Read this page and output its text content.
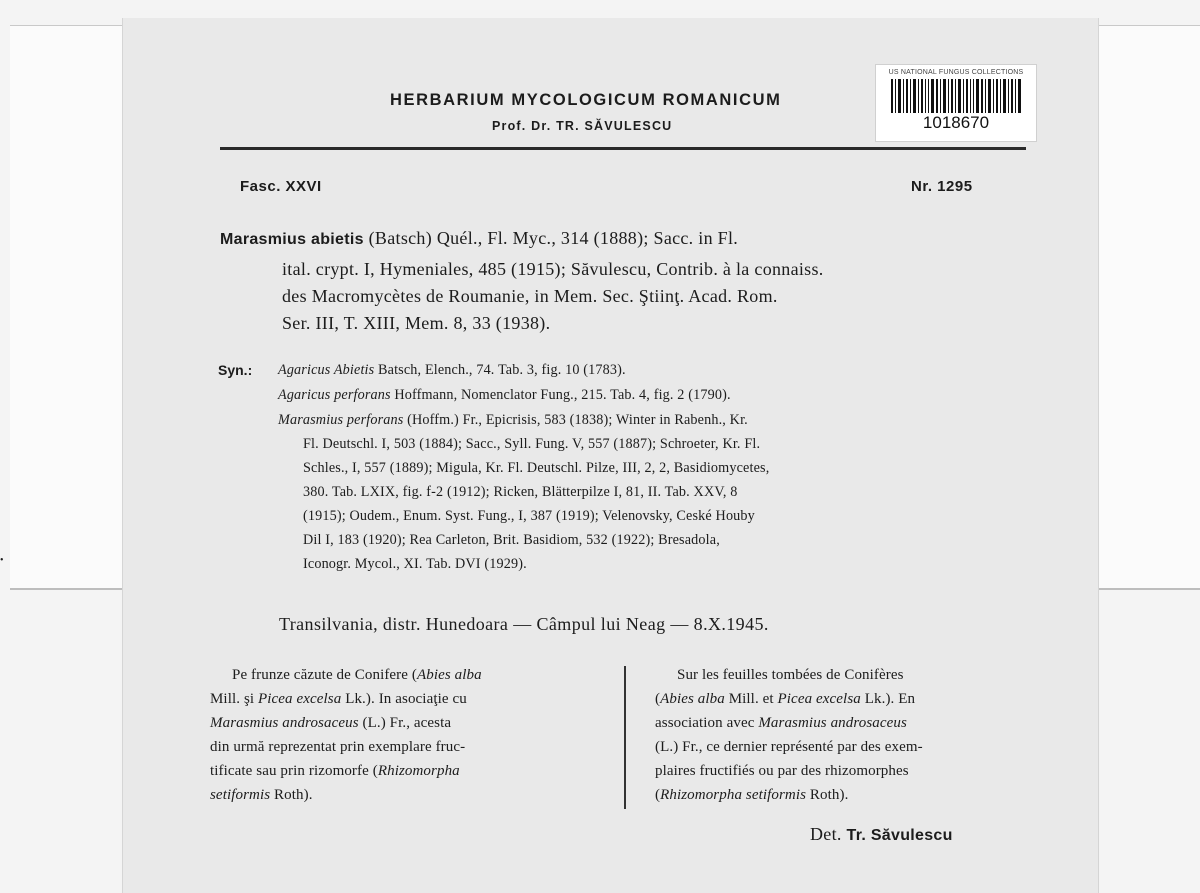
•
HERBARIUM MYCOLOGICUM ROMANICUM
Prof. Dr. TR. SĂVULESCU
Fasc. XXVI	Nr. 1295
US NATIONAL FUNGUS COLLECTIONS
1018670
Marasmius abietis (Batsch) Quél., Fl. Myc., 314 (1888); Sacc. in Fl.
ital. crypt. I, Hymeniales, 485 (1915); Săvulescu, Contrib. à la connaiss.
des Macromycètes de Roumanie, in Mem. Sec. Ştiinţ. Acad. Rom.
Ser. III, T. XIII, Mem. 8, 33 (1938).
Syn.: Agaricus Abietis Batsch, Elench., 74. Tab. 3, fig. 10 (1783).
Agaricus perforans Hoffmann, Nomenclator Fung., 215. Tab. 4, fig. 2 (1790).
Marasmius perforans (Hoffm.) Fr., Epicrisis, 583 (1838); Winter in Rabenh., Kr.
Fl. Deutschl. I, 503 (1884); Sacc., Syll. Fung. V, 557 (1887); Schroeter, Kr. Fl.
Schles., I, 557 (1889); Migula, Kr. Fl. Deutschl. Pilze, III, 2, 2, Basidiomycetes,
380. Tab. LXIX, fig. f-2 (1912); Ricken, Blätterpilze I, 81, II. Tab. XXV, 8
(1915); Oudem., Enum. Syst. Fung., I, 387 (1919); Velenovsky, Ceské Houby
Dil I, 183 (1920); Rea Carleton, Brit. Basidiom, 532 (1922); Bresadola,
Iconogr. Mycol., XI. Tab. DVI (1929).
Transilvania, distr. Hunedoara — Câmpul lui Neag — 8.X.1945.
Pe frunze căzute de Conifere (Abies alba
Mill. şi Picea excelsa Lk.). In asociaţie cu
Marasmius androsaceus (L.) Fr., acesta
din urmă reprezentat prin exemplare fruc-
tificate sau prin rizomorfe (Rhizomorpha
setiformis Roth).
Sur les feuilles tombées de Conifères
(Abies alba Mill. et Picea excelsa Lk.). En
association avec Marasmius androsaceus
(L.) Fr., ce dernier représenté par des exem-
plaires fructifiés ou par des rhizomorphes
(Rhizomorpha setiformis Roth).
Det. Tr. Săvulescu
